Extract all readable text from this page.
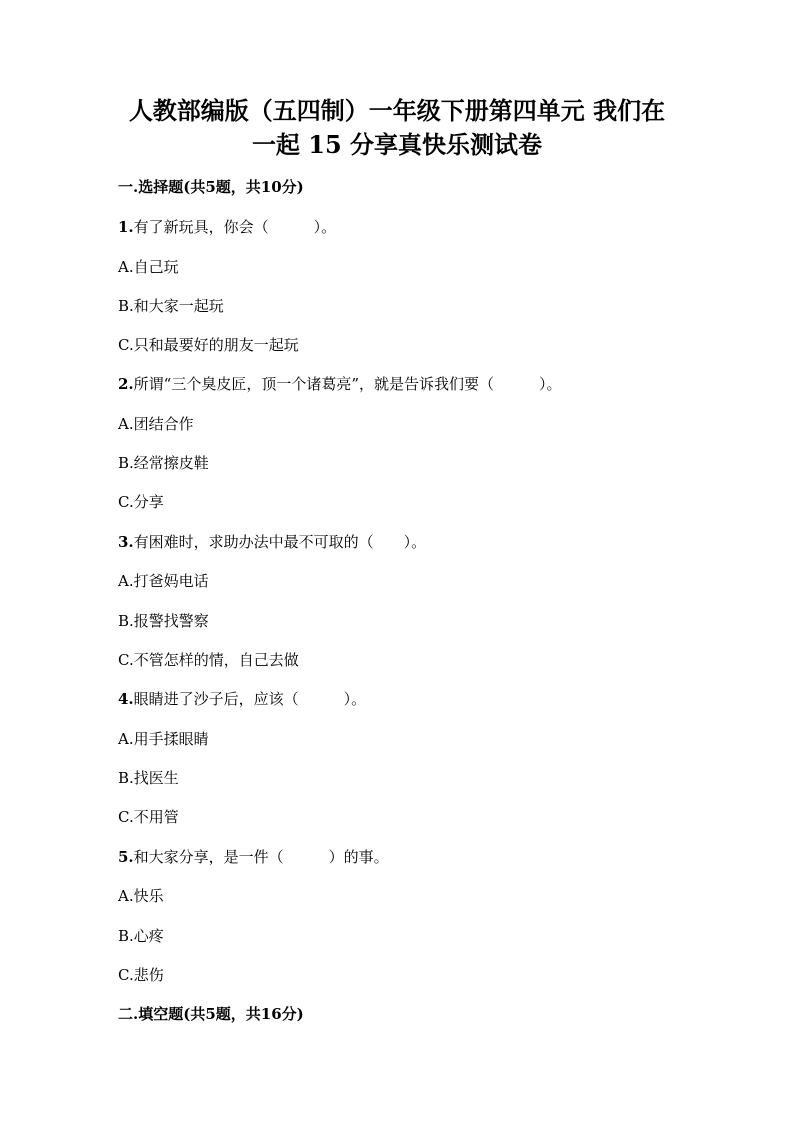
人教部编版（五四制）一年级下册第四单元 我们在
一起 15 分享真快乐测试卷

一.选择题(共5题，共10分)

1.有了新玩具，你会（　　　）。

A.自己玩

B.和大家一起玩

C.只和最要好的朋友一起玩

2.所谓“三个臭皮匠，顶一个诸葛亮”，就是告诉我们要（　　　）。

A.团结合作

B.经常擦皮鞋

C.分享

3.有困难时，求助办法中最不可取的（　　）。

A.打爸妈电话

B.报警找警察

C.不管怎样的情，自己去做

4.眼睛进了沙子后，应该（　　　）。

A.用手揉眼睛

B.找医生

C.不用管

5.和大家分享，是一件（　　　）的事。

A.快乐

B.心疼

C.悲伤

二.填空题(共5题，共16分)
